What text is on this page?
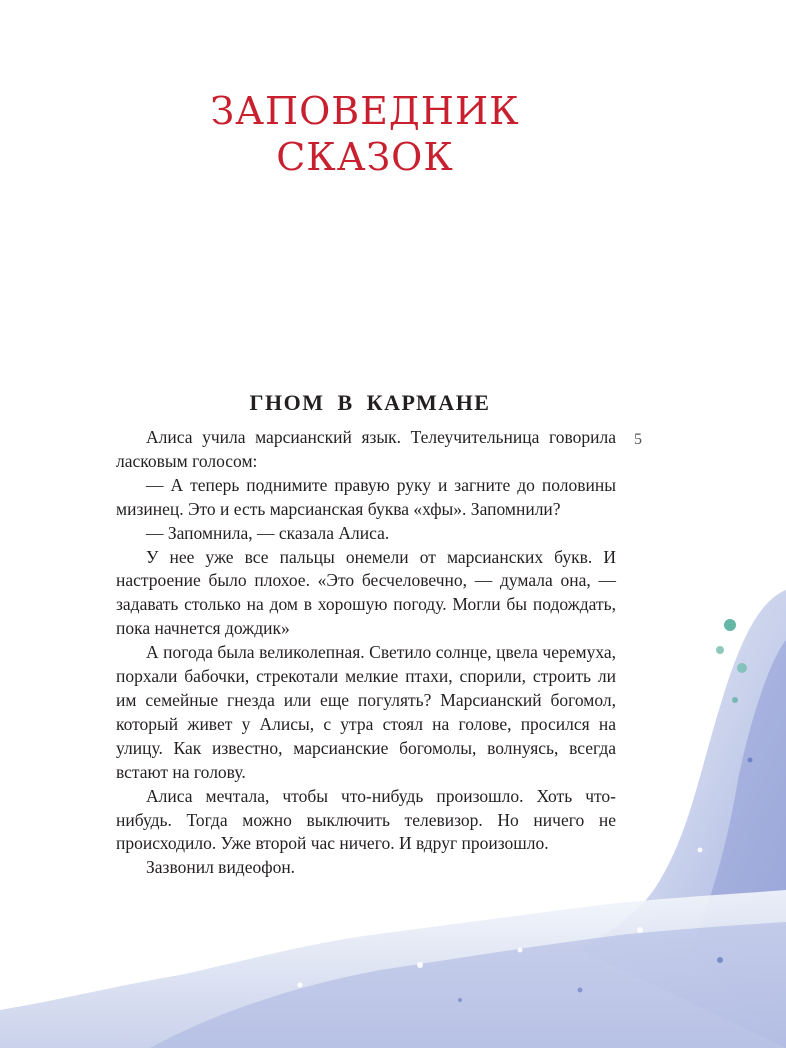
ЗАПОВЕДНИК
СКАЗОК
ГНОМ В КАРМАНЕ
5

Алиса учила марсианский язык. Телеучительница говорила ласковым голосом:

— А теперь поднимите правую руку и загните до половины мизинец. Это и есть марсианская буква «хфы». Запомнили?

— Запомнила, — сказала Алиса.

У нее уже все пальцы онемели от марсианских букв. И настроение было плохое. «Это бесчеловечно, — думала она, — задавать столько на дом в хорошую погоду. Могли бы подождать, пока начнется дождик»

А погода была великолепная. Светило солнце, цвела черемуха, порхали бабочки, стрекотали мелкие птахи, спорили, строить ли им семейные гнезда или еще погулять? Марсианский богомол, который живет у Алисы, с утра стоял на голове, просился на улицу. Как известно, марсианские богомолы, волнуясь, всегда встают на голову.

Алиса мечтала, чтобы что-нибудь произошло. Хоть что-нибудь. Тогда можно выключить телевизор. Но ничего не происходило. Уже второй час ничего. И вдруг произошло.

Зазвонил видеофон.
